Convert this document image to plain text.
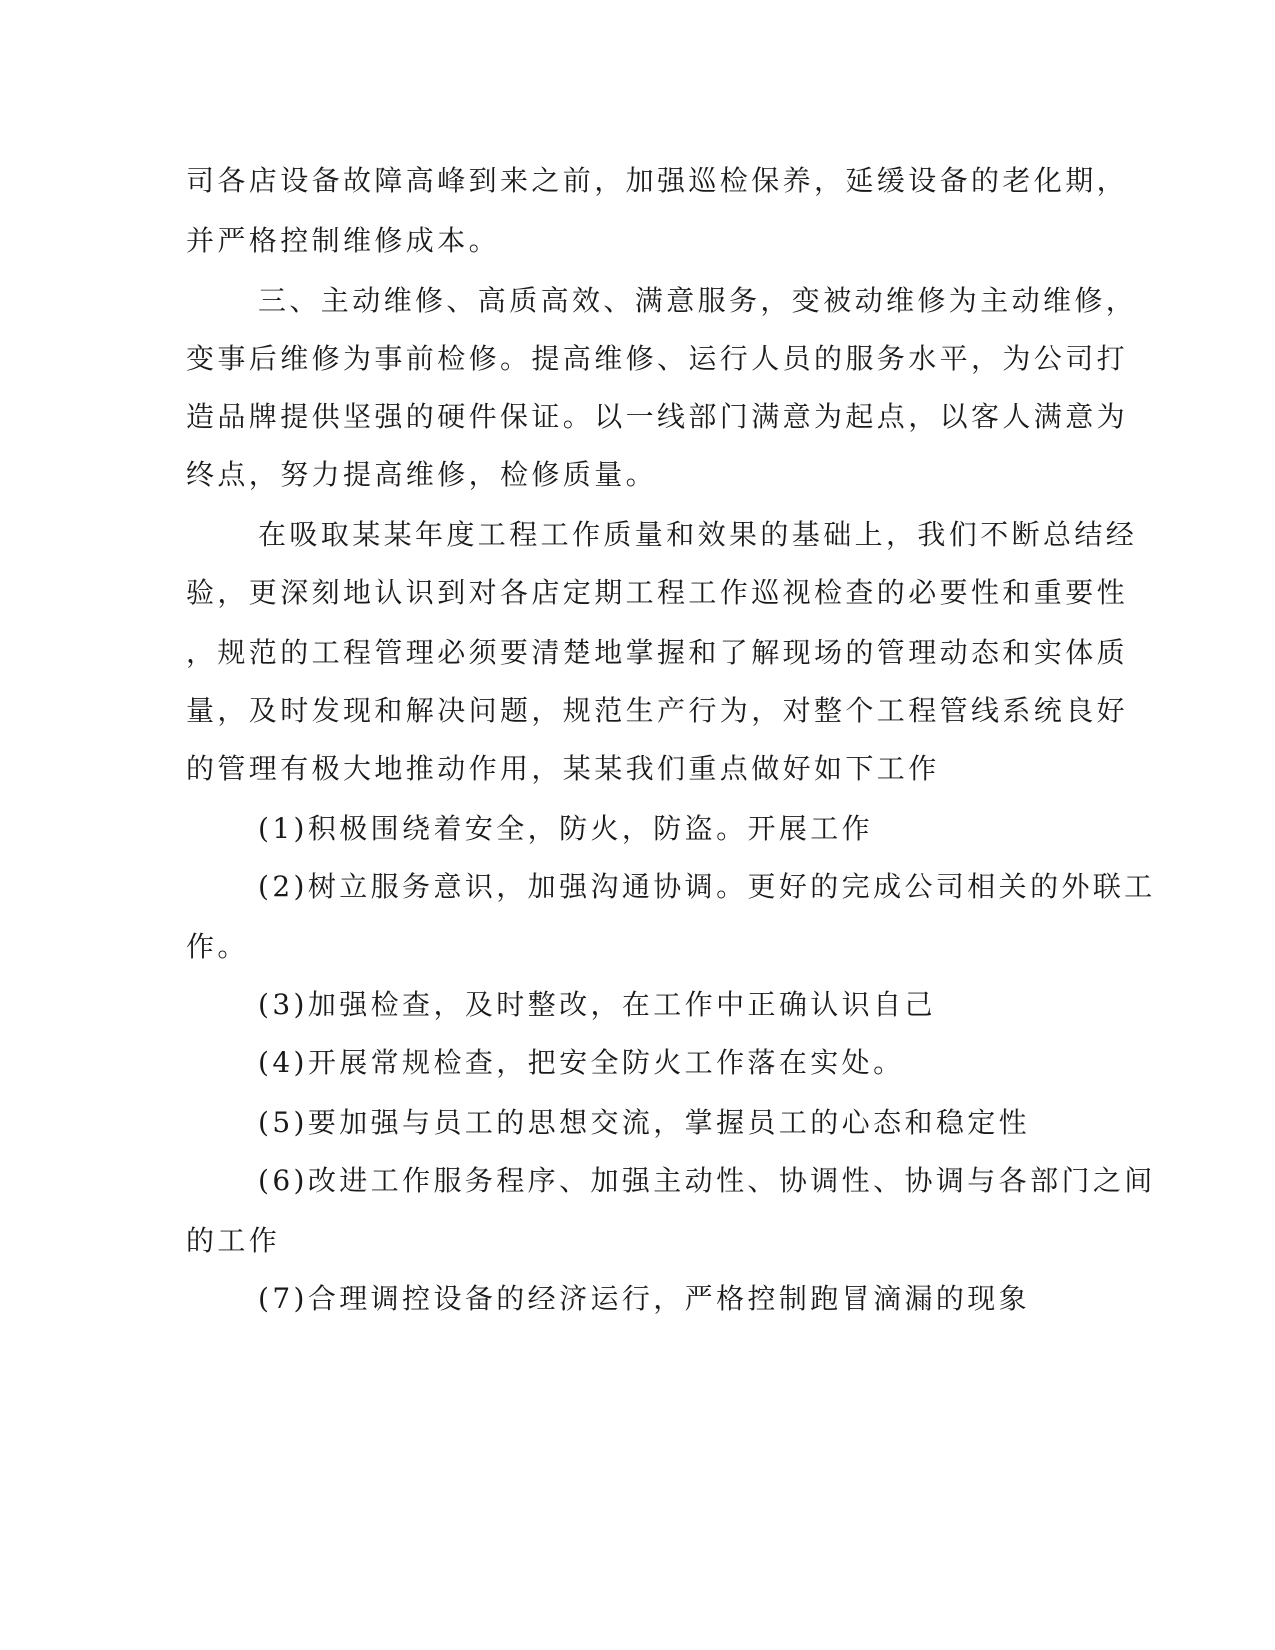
司各店设备故障高峰到来之前，加强巡检保养，延缓设备的老化期，
并严格控制维修成本。
三、主动维修、高质高效、满意服务，变被动维修为主动维修，
变事后维修为事前检修。提高维修、运行人员的服务水平，为公司打
造品牌提供坚强的硬件保证。以一线部门满意为起点，以客人满意为
终点，努力提高维修，检修质量。
在吸取某某年度工程工作质量和效果的基础上，我们不断总结经
验，更深刻地认识到对各店定期工程工作巡视检查的必要性和重要性
，规范的工程管理必须要清楚地掌握和了解现场的管理动态和实体质
量，及时发现和解决问题，规范生产行为，对整个工程管线系统良好
的管理有极大地推动作用，某某我们重点做好如下工作
(1)积极围绕着安全，防火，防盗。开展工作
(2)树立服务意识，加强沟通协调。更好的完成公司相关的外联工
作。
(3)加强检查，及时整改，在工作中正确认识自己
(4)开展常规检查，把安全防火工作落在实处。
(5)要加强与员工的思想交流，掌握员工的心态和稳定性
(6)改进工作服务程序、加强主动性、协调性、协调与各部门之间
的工作
(7)合理调控设备的经济运行，严格控制跑冒滴漏的现象
